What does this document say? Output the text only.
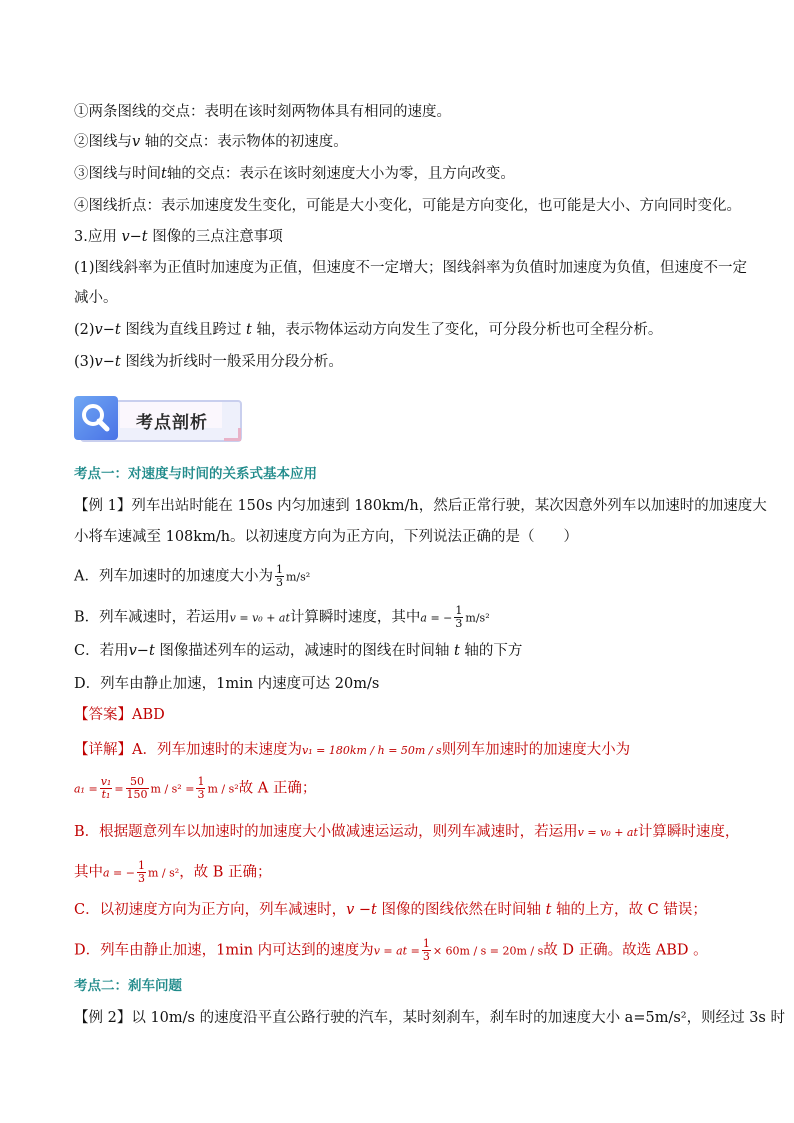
①两条图线的交点：表明在该时刻两物体具有相同的速度。
②图线与v 轴的交点：表示物体的初速度。
③图线与时间t轴的交点：表示在该时刻速度大小为零，且方向改变。
④图线折点：表示加速度发生变化，可能是大小变化，可能是方向变化，也可能是大小、方向同时变化。
3.应用 v−t 图像的三点注意事项
(1)图线斜率为正值时加速度为正值，但速度不一定增大；图线斜率为负值时加速度为负值，但速度不一定
减小。
(2)v−t 图线为直线且跨过 t 轴，表示物体运动方向发生了变化，可分段分析也可全程分析。
(3)v−t 图线为折线时一般采用分段分析。
考点剖析
考点一：对速度与时间的关系式基本应用
【例 1】列车出站时能在 150s 内匀加速到 180km/h，然后正常行驶，某次因意外列车以加速时的加速度大
小将车速减至 108km/h。以初速度方向为正方向，下列说法正确的是（　　）
A．列车加速时的加速度大小为 $\frac{1}{3} m/s^2$
B．列车减速时，若运用v = v₀ + at计算瞬时速度，其中a = − $\frac{1}{3} m/s^2$
C．若用v−t 图像描述列车的运动，减速时的图线在时间轴 t 轴的下方
D．列车由静止加速，1min 内速度可达 20m/s
【答案】ABD
【详解】A．列车加速时的末速度为v₁ = 180km / h = 50m / s则列车加速时的加速度大小为
$a_1 = \frac{\text{v₁}}{\text{t₁}} = \frac{50}{150}$ $m / s^2 = \frac{1}{3}$ m / s²故 A 正确；
B．根据题意列车以加速时的加速度大小做减速运运动，则列车减速时，若运用v = v₀ + at计算瞬时速度，
其中a = − $\frac{1}{3}$ m / s²，故 B 正确；
C．以初速度方向为正方向，列车减速时，v −t 图像的图线依然在时间轴 t 轴的上方，故 C 错误；
D．列车由静止加速，1min 内可达到的速度为v = at = $\frac{1}{3} \times 60m / s = 20m / s$故 D 正确。故选 ABD 。
考点二：刹车问题
【例 2】以 10m/s 的速度沿平直公路行驶的汽车，某时刻刹车，刹车时的加速度大小 a=5m/s²，则经过 3s 时
